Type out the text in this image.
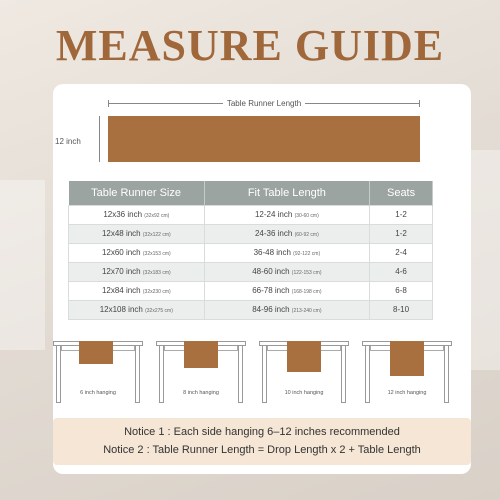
MEASURE GUIDE
Table Runner Length
12 inch
Table Runner Size	Fit Table Length	Seats
12x36 inch (32x92 cm)	12-24 inch (30-60 cm)	1-2
12x48 inch (32x122 cm)	24-36 inch (60-92 cm)	1-2
12x60 inch (32x153 cm)	36-48 inch (92-122 cm)	2-4
12x70 inch (32x183 cm)	48-60 inch (122-153 cm)	4-6
12x84 inch (32x230 cm)	66-78 inch (168-198 cm)	6-8
12x108 inch (32x275 cm)	84-96 inch (213-240 cm)	8-10
6 inch hanging	8 inch hanging	10 inch hanging	12 inch hanging
Notice 1 : Each side hanging 6–12 inches recommended
Notice 2 : Table Runner Length = Drop Length x 2 + Table Length
